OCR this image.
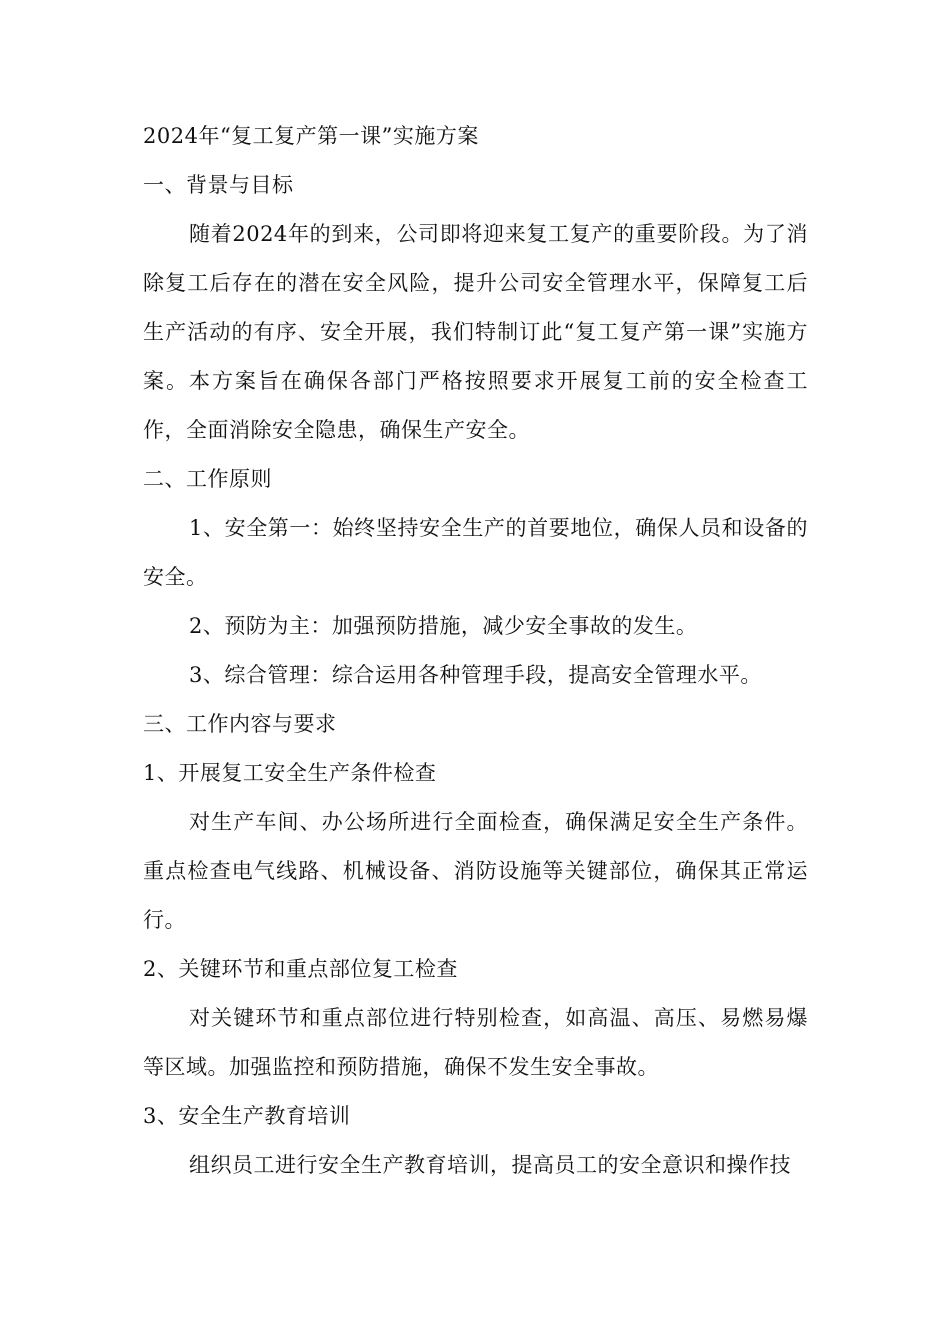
2024年“复工复产第一课”实施方案

一、背景与目标

随着2024年的到来，公司即将迎来复工复产的重要阶段。为了消除复工后存在的潜在安全风险，提升公司安全管理水平，保障复工后生产活动的有序、安全开展，我们特制订此“复工复产第一课”实施方案。本方案旨在确保各部门严格按照要求开展复工前的安全检查工作，全面消除安全隐患，确保生产安全。

二、工作原则

1、安全第一：始终坚持安全生产的首要地位，确保人员和设备的安全。

2、预防为主：加强预防措施，减少安全事故的发生。

3、综合管理：综合运用各种管理手段，提高安全管理水平。

三、工作内容与要求

1、开展复工安全生产条件检查

对生产车间、办公场所进行全面检查，确保满足安全生产条件。重点检查电气线路、机械设备、消防设施等关键部位，确保其正常运行。

2、关键环节和重点部位复工检查

对关键环节和重点部位进行特别检查，如高温、高压、易燃易爆等区域。加强监控和预防措施，确保不发生安全事故。

3、安全生产教育培训

组织员工进行安全生产教育培训，提高员工的安全意识和操作技
